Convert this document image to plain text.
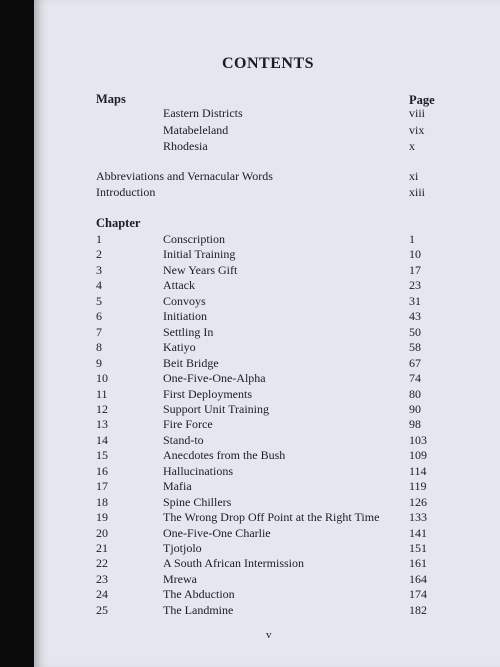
CONTENTS
Maps	Page
Eastern Districts	viii
Matabeleland	vix
Rhodesia	x
Abbreviations and Vernacular Words	xi
Introduction	xiii
Chapter
1	Conscription	1
2	Initial Training	10
3	New Years Gift	17
4	Attack	23
5	Convoys	31
6	Initiation	43
7	Settling In	50
8	Katiyo	58
9	Beit Bridge	67
10	One-Five-One-Alpha	74
11	First Deployments	80
12	Support Unit Training	90
13	Fire Force	98
14	Stand-to	103
15	Anecdotes from the Bush	109
16	Hallucinations	114
17	Mafia	119
18	Spine Chillers	126
19	The Wrong Drop Off Point at the Right Time 133
20	One-Five-One Charlie	141
21	Tjotjolo	151
22	A South African Intermission	161
23	Mrewa	164
24	The Abduction	174
25	The Landmine	182
v
